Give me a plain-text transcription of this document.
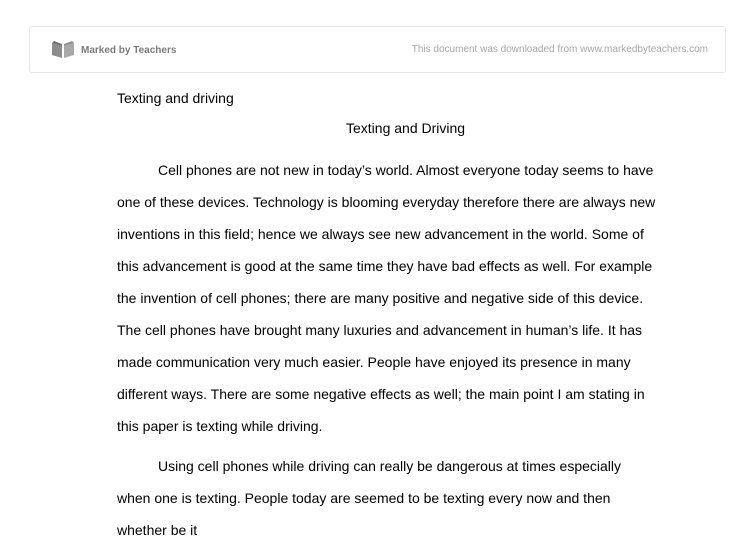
Marked by Teachers	This document was downloaded from www.markedbyteachers.com
Texting and driving
Texting and Driving

Cell phones are not new in today’s world. Almost everyone today seems to have one of these devices. Technology is blooming everyday therefore there are always new inventions in this field; hence we always see new advancement in the world. Some of this advancement is good at the same time they have bad effects as well. For example the invention of cell phones; there are many positive and negative side of this device. The cell phones have brought many luxuries and advancement in human’s life. It has made communication very much easier. People have enjoyed its presence in many different ways. There are some negative effects as well; the main point I am stating in this paper is texting while driving.

Using cell phones while driving can really be dangerous at times especially when one is texting. People today are seemed to be texting every now and then whether be it
